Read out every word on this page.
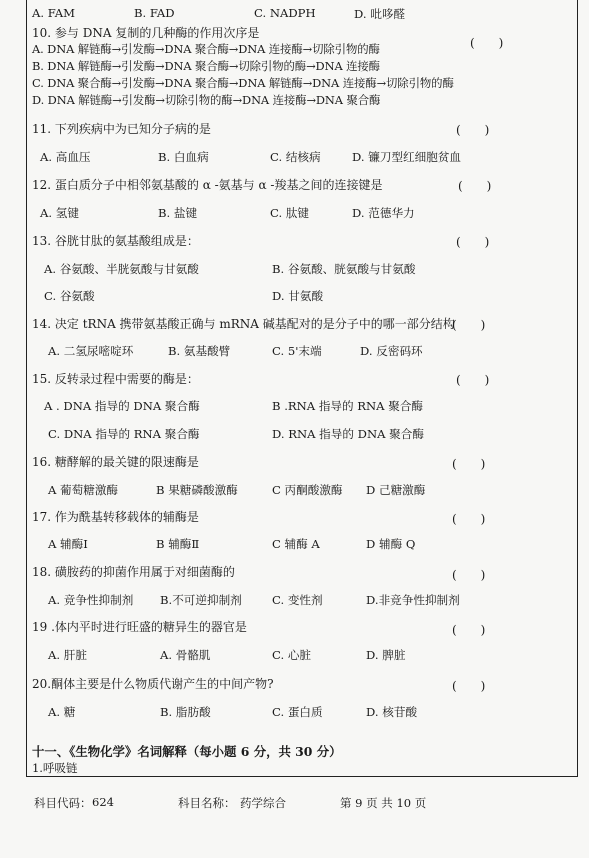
A. FAM	B. FAD	C. NADPH	D. 吡哆醛
10. 参与 DNA 复制的几种酶的作用次序是
(　　)
A. DNA 解链酶→引发酶→DNA 聚合酶→DNA 连接酶→切除引物的酶
B. DNA 解链酶→引发酶→DNA 聚合酶→切除引物的酶→DNA 连接酶
C. DNA 聚合酶→引发酶→DNA 聚合酶→DNA 解链酶→DNA 连接酶→切除引物的酶
D. DNA 解链酶→引发酶→切除引物的酶→DNA 连接酶→DNA 聚合酶
11. 下列疾病中为已知分子病的是	(　　)
A. 高血压	B. 白血病	C. 结核病	D. 镰刀型红细胞贫血
12. 蛋白质分子中相邻氨基酸的 α -氨基与 α -羧基之间的连接键是	(　　)
A. 氢键	B. 盐键	C. 肽键	D. 范德华力
13. 谷胱甘肽的氨基酸组成是：	(　　)
A. 谷氨酸、半胱氨酸与甘氨酸	B. 谷氨酸、胱氨酸与甘氨酸
C. 谷氨酸	D. 甘氨酸
14. 决定 tRNA 携带氨基酸正确与 mRNA 碱基配对的是分子中的哪一部分结构
(　　)
A. 二氢尿嘧啶环	B. 氨基酸臂	C. 5'末端	D. 反密码环
15. 反转录过程中需要的酶是：	(　　)
A . DNA 指导的 DNA 聚合酶	B .RNA 指导的 RNA 聚合酶
C. DNA 指导的 RNA 聚合酶	D. RNA 指导的 DNA 聚合酶
16. 糖酵解的最关键的限速酶是	(　　)
A 葡萄糖激酶	B 果糖磷酸激酶	C 丙酮酸激酶 D 己糖激酶
17. 作为酰基转移载体的辅酶是	(　　)
A 辅酶Ⅰ	B 辅酶Ⅱ	C 辅酶 A	D 辅酶 Q
18. 磺胺药的抑菌作用属于对细菌酶的	(　　)
A. 竞争性抑制剂 B.不可逆抑制剂	C. 变性剂	D.非竞争性抑制剂
19 .体内平时进行旺盛的糖异生的器官是	(　　)
A. 肝脏	A. 骨骼肌	C. 心脏	D. 脾脏
20.酮体主要是什么物质代谢产生的中间产物?	(　　)
A. 糖	B. 脂肪酸	C. 蛋白质	D. 核苷酸
十一、《生物化学》名词解释（每小题 6 分，共 30 分）
1.呼吸链
科目代码： 624	科目名称： 药学综合	第 9 页 共 10 页
